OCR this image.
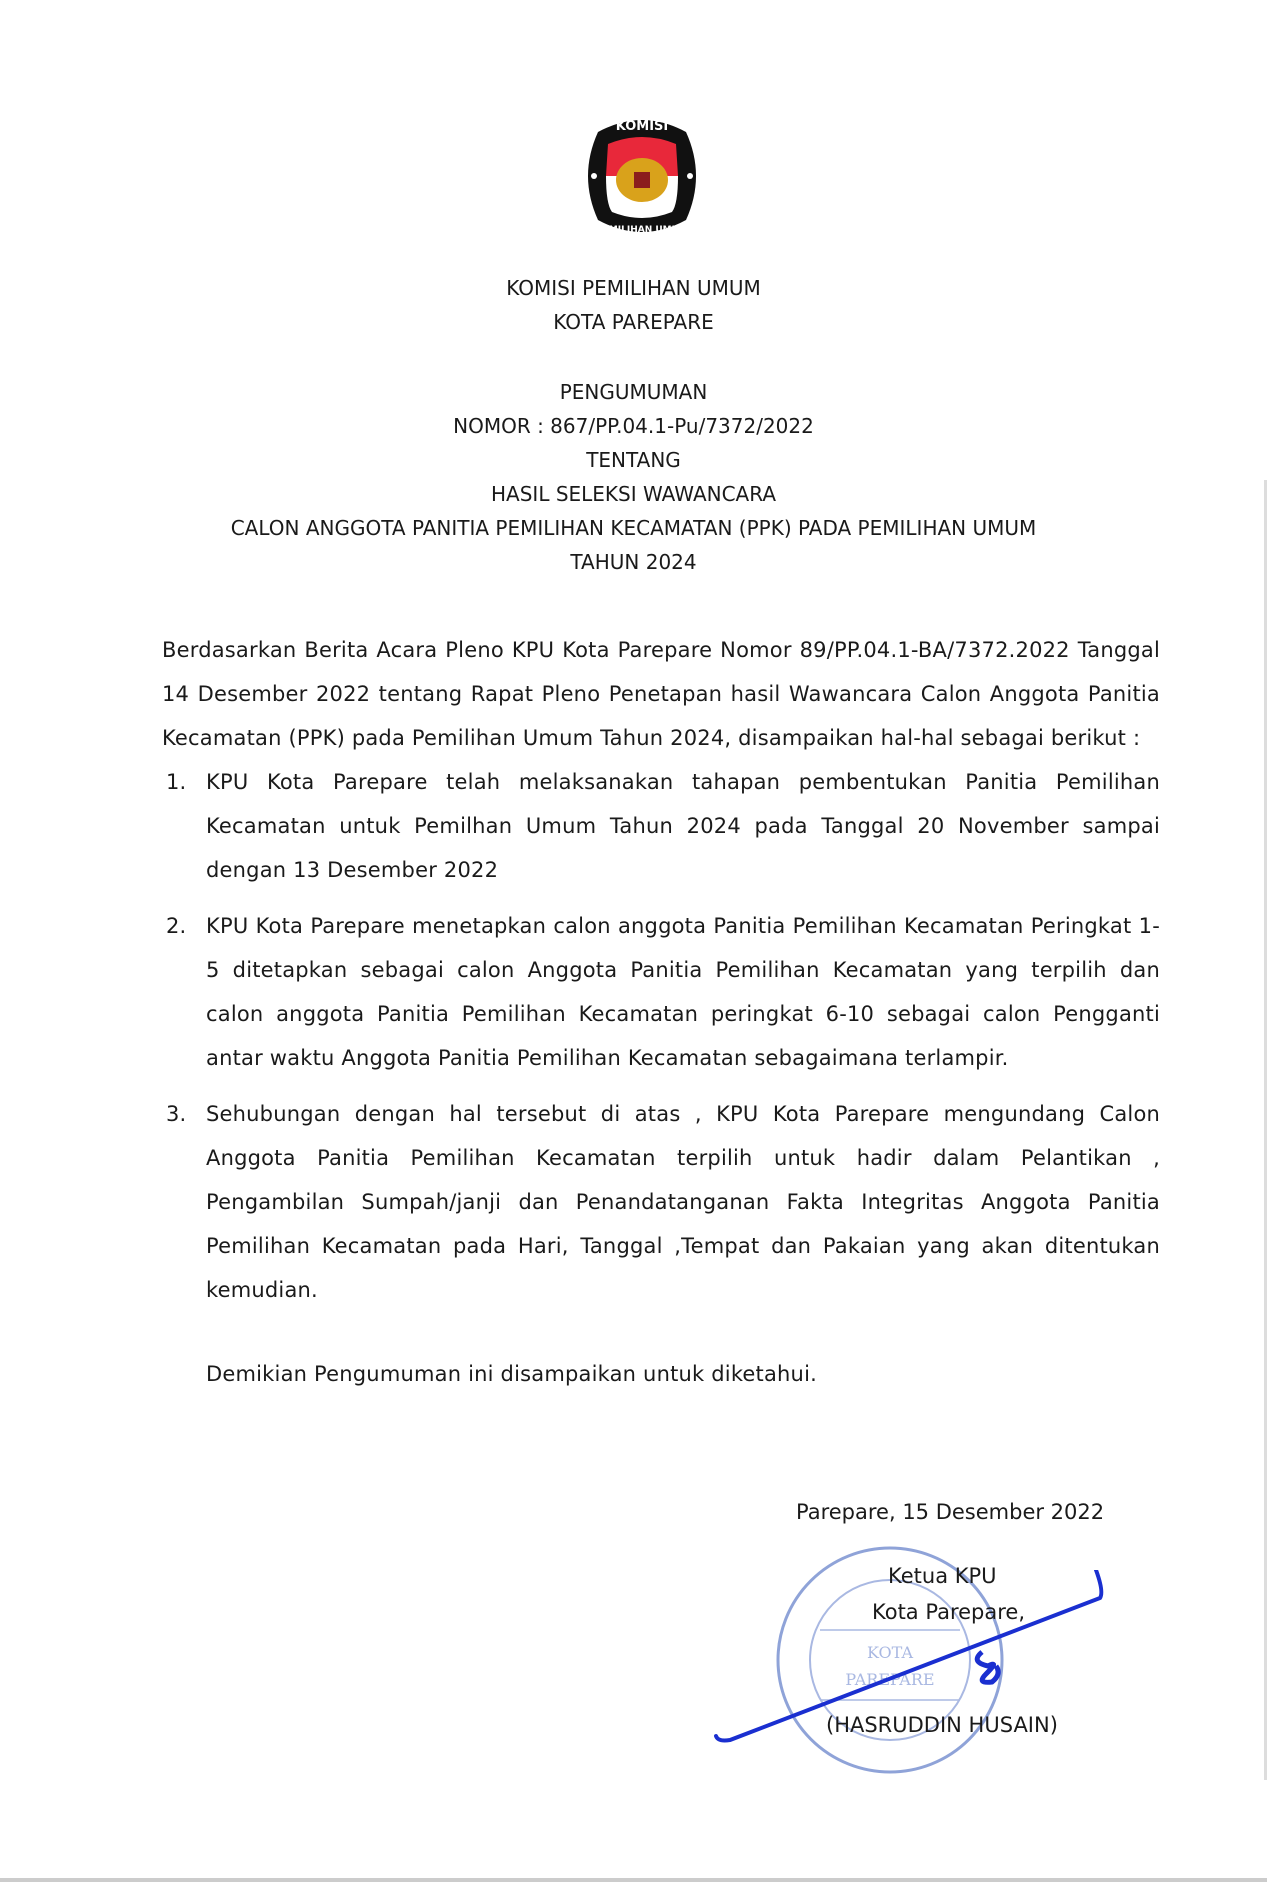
KOMISI
PEMILIHAN UMUM
KOMISI PEMILIHAN UMUM
KOTA PAREPARE
PENGUMUMAN
NOMOR : 867/PP.04.1-Pu/7372/2022
TENTANG
HASIL SELEKSI WAWANCARA
CALON ANGGOTA PANITIA PEMILIHAN KECAMATAN (PPK) PADA PEMILIHAN UMUM
TAHUN 2024

Berdasarkan Berita Acara Pleno KPU Kota Parepare Nomor 89/PP.04.1-BA/7372.2022 Tanggal 14 Desember 2022 tentang Rapat Pleno Penetapan hasil Wawancara Calon Anggota Panitia Kecamatan (PPK) pada Pemilihan Umum Tahun 2024, disampaikan hal-hal sebagai berikut :

1. KPU Kota Parepare telah melaksanakan tahapan pembentukan Panitia Pemilihan Kecamatan untuk Pemilhan Umum Tahun 2024 pada Tanggal 20 November sampai dengan 13 Desember 2022
2. KPU Kota Parepare menetapkan calon anggota Panitia Pemilihan Kecamatan Peringkat 1-5 ditetapkan sebagai calon Anggota Panitia Pemilihan Kecamatan yang terpilih dan calon anggota Panitia Pemilihan Kecamatan peringkat 6-10 sebagai calon Pengganti antar waktu Anggota Panitia Pemilihan Kecamatan sebagaimana terlampir.
3. Sehubungan dengan hal tersebut di atas , KPU Kota Parepare mengundang Calon Anggota Panitia Pemilihan Kecamatan terpilih untuk hadir dalam Pelantikan , Pengambilan Sumpah/janji dan Penandatanganan Fakta Integritas Anggota Panitia Pemilihan Kecamatan pada Hari, Tanggal ,Tempat dan Pakaian yang akan ditentukan kemudian.

Demikian Pengumuman ini disampaikan untuk diketahui.

KOTA
PAREPARE
Parepare, 15 Desember 2022
Ketua KPU
Kota Parepare,
(HASRUDDIN HUSAIN)
